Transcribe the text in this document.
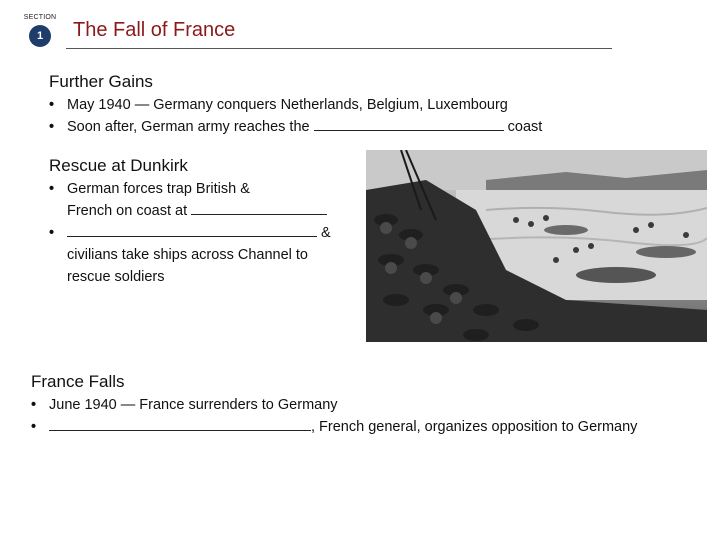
SECTION
1	The Fall of France
Further Gains
• May 1940 — Germany conquers Netherlands, Belgium, Luxembourg
• Soon after, German army reaches the	coast
Rescue at Dunkirk
• German forces trap British &
French on coast at
• &
civilians take ships across Channel to
rescue soldiers
France Falls
• June 1940 — France surrenders to Germany
• , French general, organizes opposition to Germany
